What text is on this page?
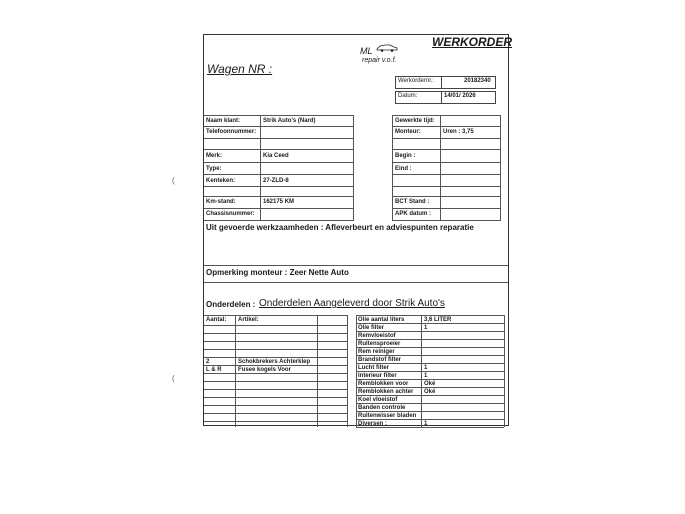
Wagen NR :
ML
repair v.o.f.
WERKORDER
Werkordernr.:	20182340
Datum:	14/01/ 2026
Naam klant:	Strik Auto's (Nard)
Telefoonnummer:
Merk:	Kia Ceed
Type:
Kenteken:	27-ZLD-8
Km-stand:	162175 KM
Chassisnummer:
Gewerkte tijd:
Monteur:	Uren : 3,75
Begin :
Eind :
BCT Stand :
APK datum :
Uit gevoerde werkzaamheden : Afleverbeurt en adviespunten reparatie
Opmerking monteur : Zeer Nette Auto
Onderdelen : Onderdelen Aangeleverd door Strik Auto's
Aantal: Artikel:
2	Schokbrekers Achterklep
L & R	Fusee kogels Voor
Olie aantal liters	3,6 LITER
Olie filter	1
Remvloeistof
Ruitensproeier
Rem reiniger
Brandstof filter
Lucht filter	1
Interieur filter	1
Remblokken voor	Oké
Remblokken achter Oké
Koel vloeistof
Banden controle
Ruitenwisser bladen
Diversen :	1
(
(
